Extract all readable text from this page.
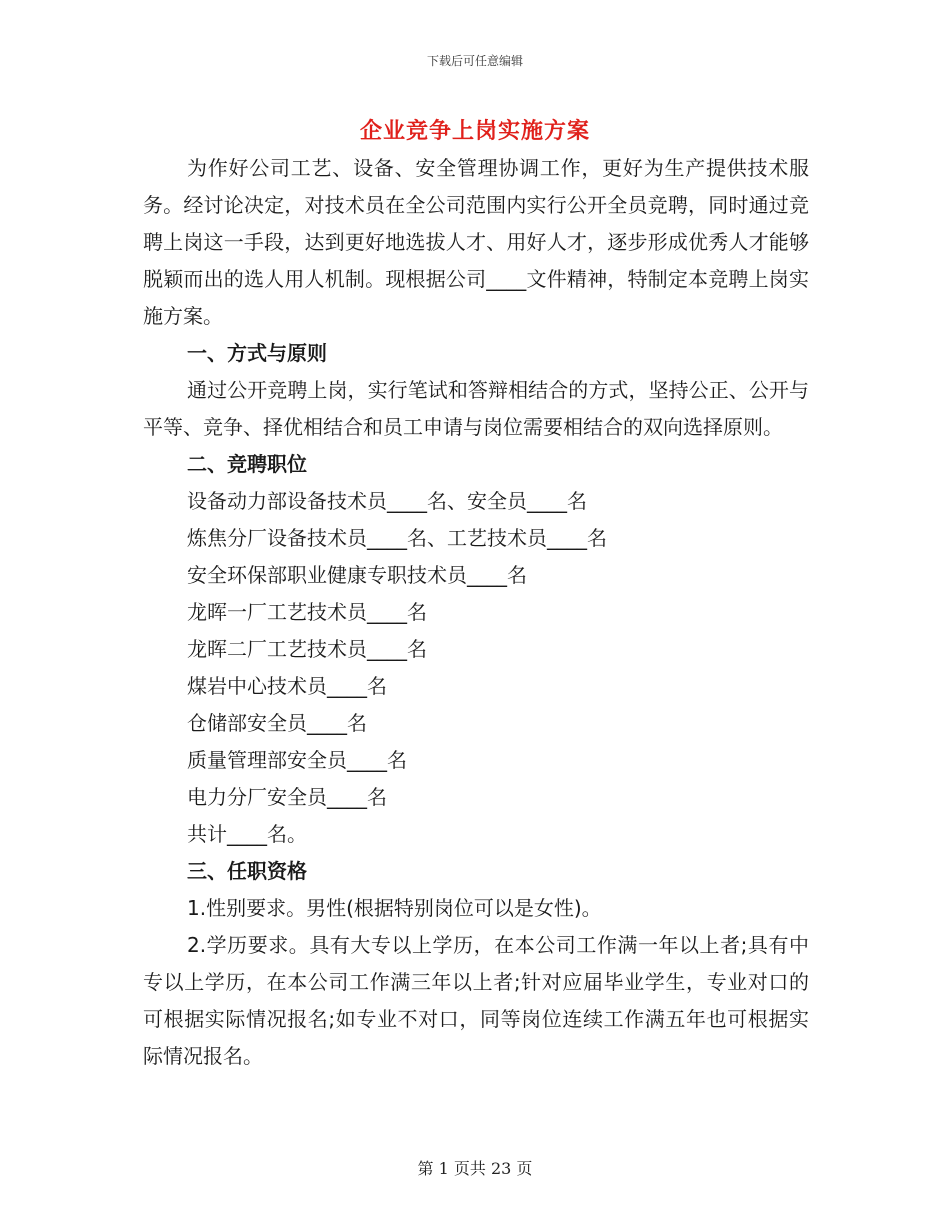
下载后可任意编辑
企业竞争上岗实施方案

为作好公司工艺、设备、安全管理协调工作，更好为生产提供技术服务。经讨论决定，对技术员在全公司范围内实行公开全员竞聘，同时通过竞聘上岗这一手段，达到更好地选拔人才、用好人才，逐步形成优秀人才能够脱颖而出的选人用人机制。现根据公司____文件精神，特制定本竞聘上岗实施方案。

一、方式与原则

通过公开竞聘上岗，实行笔试和答辩相结合的方式，坚持公正、公开与平等、竞争、择优相结合和员工申请与岗位需要相结合的双向选择原则。

二、竞聘职位

设备动力部设备技术员____名、安全员____名

炼焦分厂设备技术员____名、工艺技术员____名

安全环保部职业健康专职技术员____名

龙晖一厂工艺技术员____名

龙晖二厂工艺技术员____名

煤岩中心技术员____名

仓储部安全员____名

质量管理部安全员____名

电力分厂安全员____名

共计____名。

三、任职资格

1.性别要求。男性(根据特别岗位可以是女性)。

2.学历要求。具有大专以上学历，在本公司工作满一年以上者;具有中专以上学历，在本公司工作满三年以上者;针对应届毕业学生，专业对口的可根据实际情况报名;如专业不对口，同等岗位连续工作满五年也可根据实际情况报名。

第 1 页共 23 页
